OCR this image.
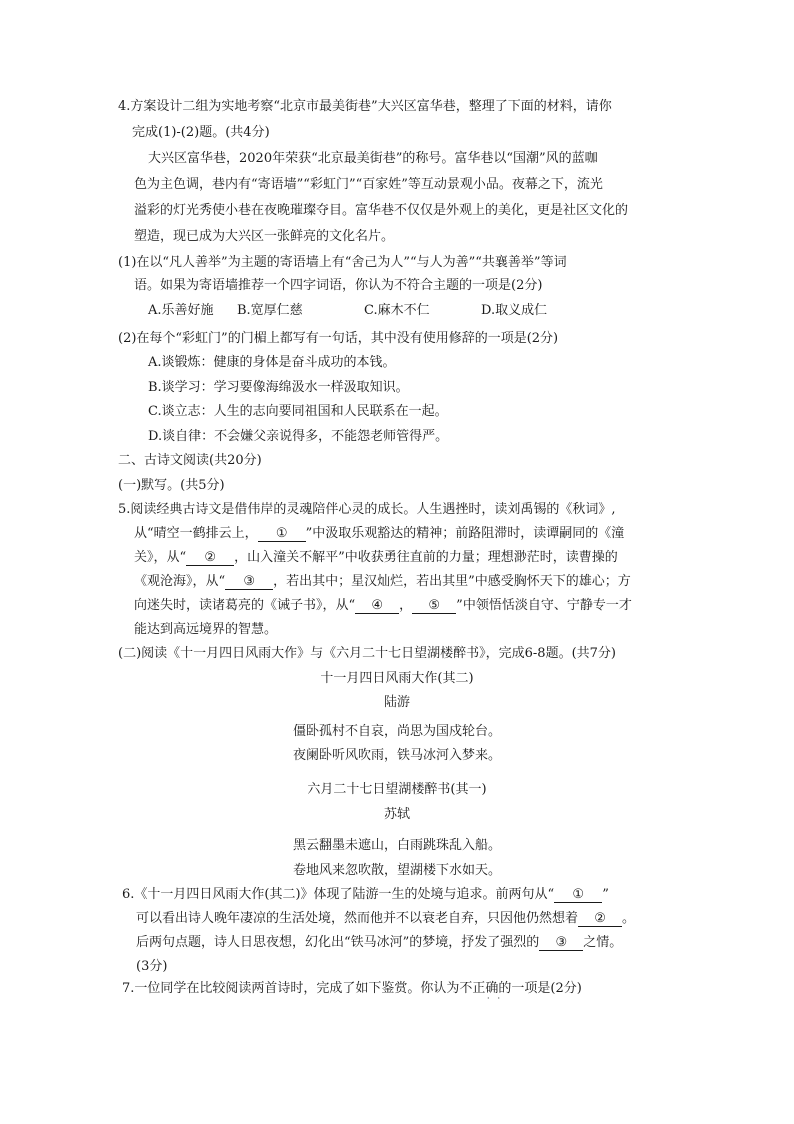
4.方案设计二组为实地考察“北京市最美街巷”大兴区富华巷，整理了下面的材料，请你
完成(1)-(2)题。(共4分)
大兴区富华巷，2020年荣获“北京最美街巷”的称号。富华巷以“国潮”风的蓝咖
色为主色调，巷内有“寄语墙”“彩虹门”“百家姓”等互动景观小品。夜幕之下，流光
溢彩的灯光秀使小巷在夜晚璀璨夺目。富华巷不仅仅是外观上的美化，更是社区文化的
塑造，现已成为大兴区一张鲜亮的文化名片。
(1)在以“凡人善举”为主题的寄语墙上有“舍己为人”“与人为善”“共襄善举”等词
语。如果为寄语墙推荐一个四字词语，你认为不符合主题的一项是(2分)
A.乐善好施 B.宽厚仁慈	C.麻木不仁	D.取义成仁
(2)在每个“彩虹门”的门楣上都写有一句话，其中没有使用修辞的一项是(2分)
A.谈锻炼：健康的身体是奋斗成功的本钱。
B.谈学习：学习要像海绵汲水一样汲取知识。
C.谈立志：人生的志向要同祖国和人民联系在一起。
D.谈自律：不会嫌父亲说得多，不能怨老师管得严。
二、古诗文阅读(共20分)
(一)默写。(共5分)
5.阅读经典古诗文是借伟岸的灵魂陪伴心灵的成长。人生遇挫时，读刘禹锡的《秋词》,
从“晴空一鹤排云上， ① ”中汲取乐观豁达的精神；前路阻滞时，读谭嗣同的《潼
关》，从“ ② ，山入潼关不解平”中收获勇往直前的力量；理想渺茫时，读曹操的
《观沧海》，从“ ③ ，若出其中；星汉灿烂，若出其里”中感受胸怀天下的雄心；方
向迷失时，读诸葛亮的《诫子书》，从“ ④ ， ⑤ ”中领悟恬淡自守、宁静专一才
能达到高远境界的智慧。
(二)阅读《十一月四日风雨大作》与《六月二十七日望湖楼醉书》，完成6-8题。(共7分)
十一月四日风雨大作(其二)
陆游
僵卧孤村不自哀，尚思为国戍轮台。
夜阑卧听风吹雨，铁马冰河入梦来。
六月二十七日望湖楼醉书(其一)
苏轼
黑云翻墨未遮山，白雨跳珠乱入船。
卷地风来忽吹散，望湖楼下水如天。
6.《十一月四日风雨大作(其二)》体现了陆游一生的处境与追求。前两句从“ ① ”
可以看出诗人晚年凄凉的生活处境，然而他并不以衰老自弃，只因他仍然想着 ② 。
后两句点题，诗人日思夜想，幻化出“铁马冰河”的梦境，抒发了强烈的 ③ 之情。
(3分)
7.一位同学在比较阅读两首诗时，完成了如下鉴赏。你认为不正确的一项是(2分)
··
